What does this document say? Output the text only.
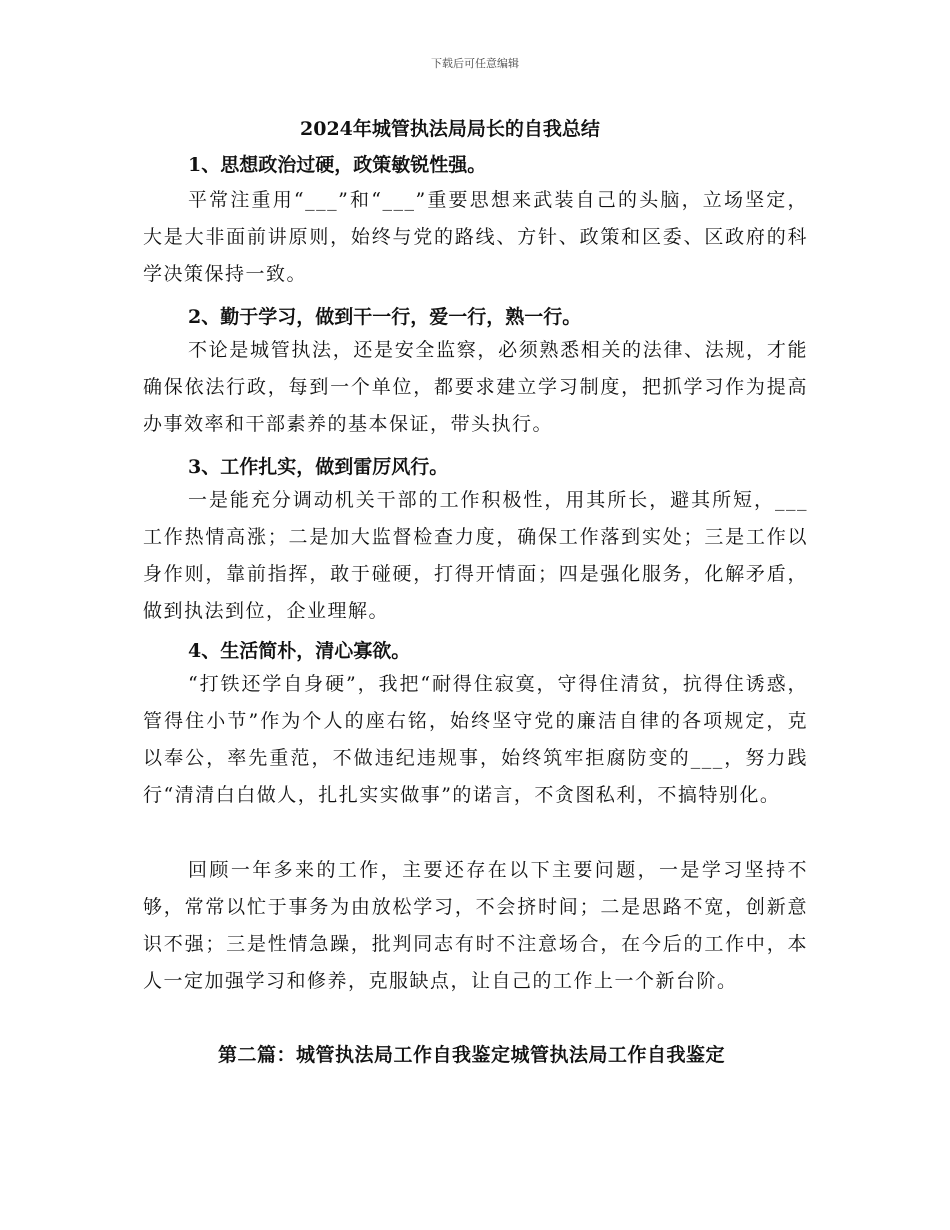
下载后可任意编辑
2024年城管执法局局长的自我总结
1、思想政治过硬，政策敏锐性强。
平常注重用“___”和“___”重要思想来武装自己的头脑，立场坚定，大是大非面前讲原则，始终与党的路线、方针、政策和区委、区政府的科学决策保持一致。
2、勤于学习，做到干一行，爱一行，熟一行。
不论是城管执法，还是安全监察，必须熟悉相关的法律、法规，才能确保依法行政，每到一个单位，都要求建立学习制度，把抓学习作为提高办事效率和干部素养的基本保证，带头执行。
3、工作扎实，做到雷厉风行。
一是能充分调动机关干部的工作积极性，用其所长，避其所短，___工作热情高涨；二是加大监督检查力度，确保工作落到实处；三是工作以身作则，靠前指挥，敢于碰硬，打得开情面；四是强化服务，化解矛盾，做到执法到位，企业理解。
4、生活简朴，清心寡欲。
“打铁还学自身硬”，我把“耐得住寂寞，守得住清贫，抗得住诱惑，管得住小节”作为个人的座右铭，始终坚守党的廉洁自律的各项规定，克以奉公，率先重范，不做违纪违规事，始终筑牢拒腐防变的___，努力践行“清清白白做人，扎扎实实做事”的诺言，不贪图私利，不搞特别化。
回顾一年多来的工作，主要还存在以下主要问题，一是学习坚持不够，常常以忙于事务为由放松学习，不会挤时间；二是思路不宽，创新意识不强；三是性情急躁，批判同志有时不注意场合，在今后的工作中，本人一定加强学习和修养，克服缺点，让自己的工作上一个新台阶。
第二篇：城管执法局工作自我鉴定城管执法局工作自我鉴定
